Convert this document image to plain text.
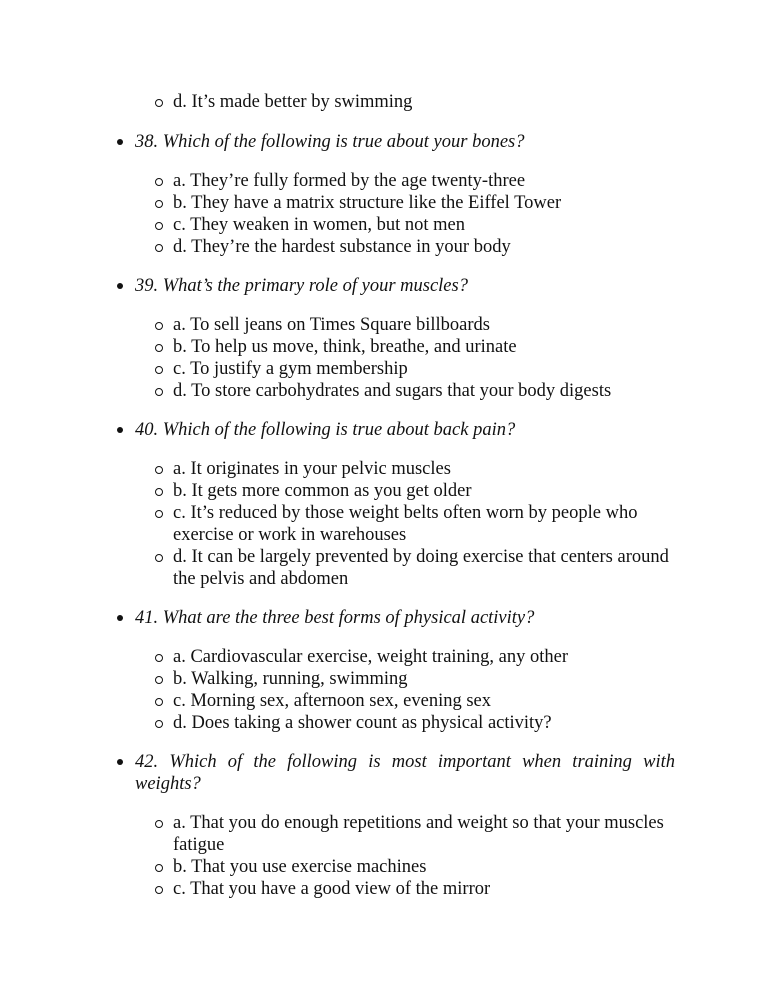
d. It’s made better by swimming
38. Which of the following is true about your bones?
a. They’re fully formed by the age twenty-three
b. They have a matrix structure like the Eiffel Tower
c. They weaken in women, but not men
d. They’re the hardest substance in your body
39. What’s the primary role of your muscles?
a. To sell jeans on Times Square billboards
b. To help us move, think, breathe, and urinate
c. To justify a gym membership
d. To store carbohydrates and sugars that your body digests
40. Which of the following is true about back pain?
a. It originates in your pelvic muscles
b. It gets more common as you get older
c. It’s reduced by those weight belts often worn by people who exercise or work in warehouses
d. It can be largely prevented by doing exercise that centers around the pelvis and abdomen
41. What are the three best forms of physical activity?
a. Cardiovascular exercise, weight training, any other
b. Walking, running, swimming
c. Morning sex, afternoon sex, evening sex
d. Does taking a shower count as physical activity?
42. Which of the following is most important when training with weights?
a. That you do enough repetitions and weight so that your muscles fatigue
b. That you use exercise machines
c. That you have a good view of the mirror
